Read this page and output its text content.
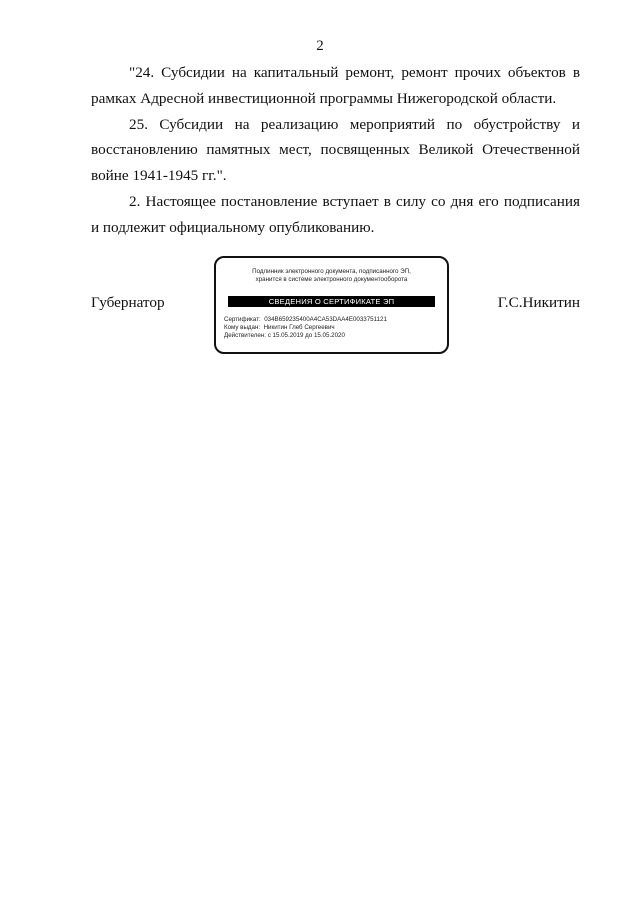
2

"24. Субсидии на капитальный ремонт, ремонт прочих объектов в рамках Адресной инвестиционной программы Нижегородской области.

25. Субсидии на реализацию мероприятий по обустройству и восстановлению памятных мест, посвященных Великой Отечественной войне 1941-1945 гг.".

2. Настоящее постановление вступает в силу со дня его подписания и подлежит официальному опубликованию.

Губернатор
Подлинник электронного документа, подписанного ЭП,
хранится в системе электронного документооборота
СВЕДЕНИЯ О СЕРТИФИКАТЕ ЭП
Сертификат: 034B659235400A4CA53DAA4E0033751121
Кому выдан: Никитин Глеб Сергеевич
Действителен: с 15.05.2019 до 15.05.2020
Г.С.Никитин
